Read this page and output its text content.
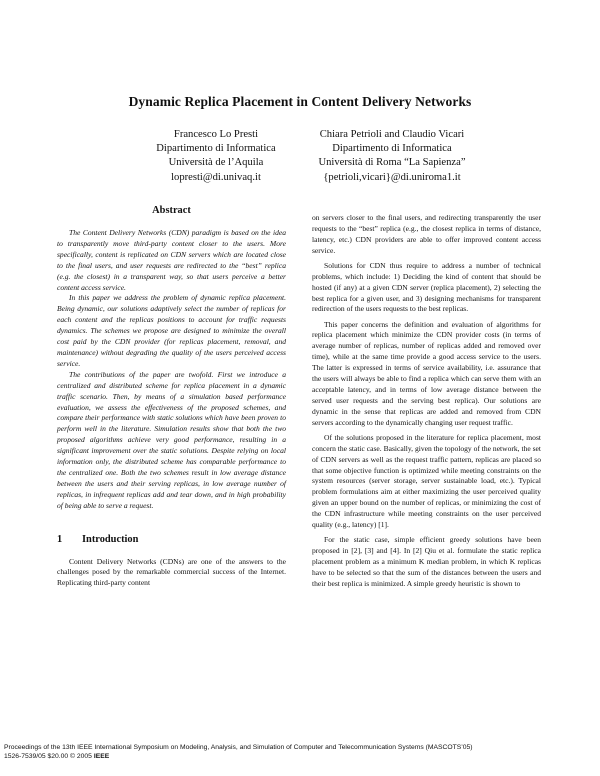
Dynamic Replica Placement in Content Delivery Networks
Francesco Lo Presti
Dipartimento di Informatica
Università de l’Aquila
lopresti@di.univaq.it
Chiara Petrioli and Claudio Vicari
Dipartimento di Informatica
Università di Roma “La Sapienza”
{petrioli,vicari}@di.uniroma1.it
Abstract

The Content Delivery Networks (CDN) paradigm is based on the idea to transparently move third-party content closer to the users. More specifically, content is replicated on CDN servers which are located close to the final users, and user requests are redirected to the “best” replica (e.g. the closest) in a transparent way, so that users perceive a better content access service.

In this paper we address the problem of dynamic replica placement. Being dynamic, our solutions adaptively select the number of replicas for each content and the replicas positions to account for traffic requests dynamics. The schemes we propose are designed to minimize the overall cost paid by the CDN provider (for replicas placement, removal, and maintenance) without degrading the quality of the users perceived access service.

The contributions of the paper are twofold. First we introduce a centralized and distributed scheme for replica placement in a dynamic traffic scenario. Then, by means of a simulation based performance evaluation, we assess the effectiveness of the proposed schemes, and compare their performance with static solutions which have been proven to perform well in the literature. Simulation results show that both the two proposed algorithms achieve very good performance, resulting in a significant improvement over the static solutions. Despite relying on local information only, the distributed scheme has comparable performance to the centralized one. Both the two schemes result in low average distance between the users and their serving replicas, in low average number of replicas, in infrequent replicas add and tear down, and in high probability of being able to serve a request.

1 Introduction

Content Delivery Networks (CDNs) are one of the answers to the challenges posed by the remarkable commercial success of the Internet. Replicating third-party content

on servers closer to the final users, and redirecting transparently the user requests to the “best” replica (e.g., the closest replica in terms of distance, latency, etc.) CDN providers are able to offer improved content access service.

Solutions for CDN thus require to address a number of technical problems, which include: 1) Deciding the kind of content that should be hosted (if any) at a given CDN server (replica placement), 2) selecting the best replica for a given user, and 3) designing mechanisms for transparent redirection of the users requests to the best replicas.

This paper concerns the definition and evaluation of algorithms for replica placement which minimize the CDN provider costs (in terms of average number of replicas, number of replicas added and removed over time), while at the same time provide a good access service to the users. The latter is expressed in terms of service availability, i.e. assurance that the users will always be able to find a replica which can serve them with an acceptable latency, and in terms of low average distance between the served user requests and the serving best replica). Our solutions are dynamic in the sense that replicas are added and removed from CDN servers according to the dynamically changing user request traffic.

Of the solutions proposed in the literature for replica placement, most concern the static case. Basically, given the topology of the network, the set of CDN servers as well as the request traffic pattern, replicas are placed so that some objective function is optimized while meeting constraints on the system resources (server storage, server sustainable load, etc.). Typical problem formulations aim at either maximizing the user perceived quality given an upper bound on the number of replicas, or minimizing the cost of the CDN infrastructure while meeting constraints on the user perceived quality (e.g., latency) [1].

For the static case, simple efficient greedy solutions have been proposed in [2], [3] and [4]. In [2] Qiu et al. formulate the static replica placement problem as a minimum K median problem, in which K replicas have to be selected so that the sum of the distances between the users and their best replica is minimized. A simple greedy heuristic is shown to

Proceedings of the 13th IEEE International Symposium on Modeling, Analysis, and Simulation of Computer and Telecommunication Systems (MASCOTS’05)
1526-7539/05 $20.00 © 2005 IEEE
